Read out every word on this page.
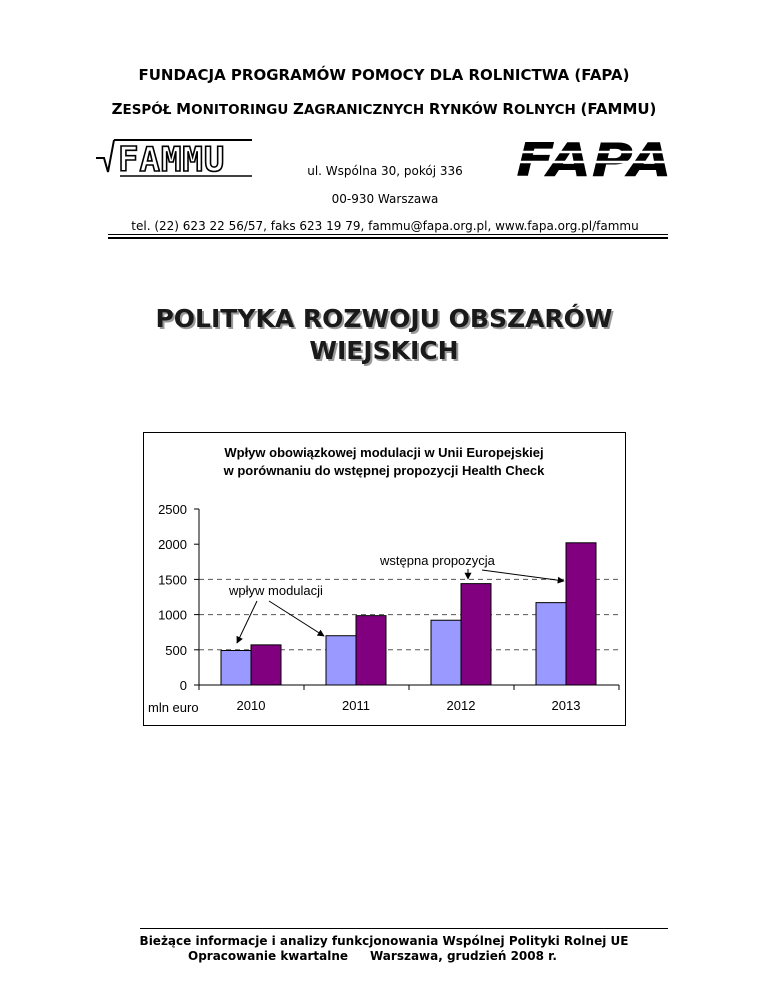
FUNDACJA PROGRAMÓW POMOCY DLA ROLNICTWA (FAPA)
ZESPÓŁ MONITORINGU ZAGRANICZNYCH RYNKÓW ROLNYCH (FAMMU)
FAMMU	ul. Wspólna 30, pokój 336
00-930 Warszawa
FAPA
tel. (22) 623 22 56/57, faks 623 19 79, fammu@fapa.org.pl, www.fapa.org.pl/fammu
POLITYKA ROZWOJU OBSZARÓW
WIEJSKICH
Wpływ obowiązkowej modulacji w Unii Europejskiej
w porównaniu do wstępnej propozycji Health Check
0
500
1000
1500
2000
2500
2010	2011	2012	2013
mln euro
wpływ modulacji
wstępna propozycja
Bieżące informacje i analizy funkcjonowania Wspólnej Polityki Rolnej UE
Opracowanie kwartalne Warszawa, grudzień 2008 r.
